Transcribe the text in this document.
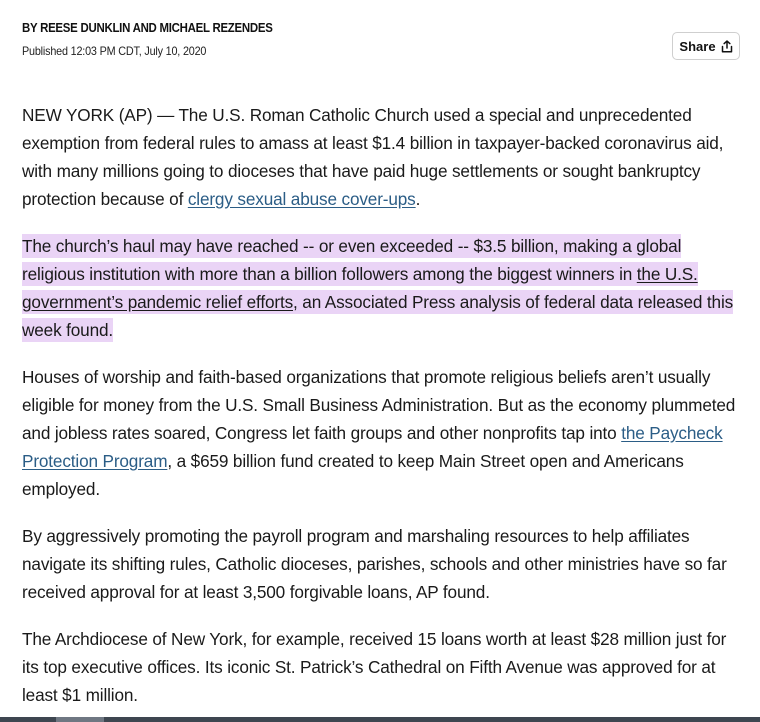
BY REESE DUNKLIN AND MICHAEL REZENDES
Published 12:03 PM CDT, July 10, 2020	Share

NEW YORK (AP) — The U.S. Roman Catholic Church used a special and unprecedented exemption from federal rules to amass at least $1.4 billion in taxpayer-backed coronavirus aid, with many millions going to dioceses that have paid huge settlements or sought bankruptcy protection because of clergy sexual abuse cover-ups.

The church’s haul may have reached -- or even exceeded -- $3.5 billion, making a global religious institution with more than a billion followers among the biggest winners in the U.S. government’s pandemic relief efforts, an Associated Press analysis of federal data released this week found.

Houses of worship and faith-based organizations that promote religious beliefs aren’t usually eligible for money from the U.S. Small Business Administration. But as the economy plummeted and jobless rates soared, Congress let faith groups and other nonprofits tap into the Paycheck Protection Program, a $659 billion fund created to keep Main Street open and Americans employed.

By aggressively promoting the payroll program and marshaling resources to help affiliates navigate its shifting rules, Catholic dioceses, parishes, schools and other ministries have so far received approval for at least 3,500 forgivable loans, AP found.

The Archdiocese of New York, for example, received 15 loans worth at least $28 million just for its top executive offices. Its iconic St. Patrick’s Cathedral on Fifth Avenue was approved for at least $1 million.
